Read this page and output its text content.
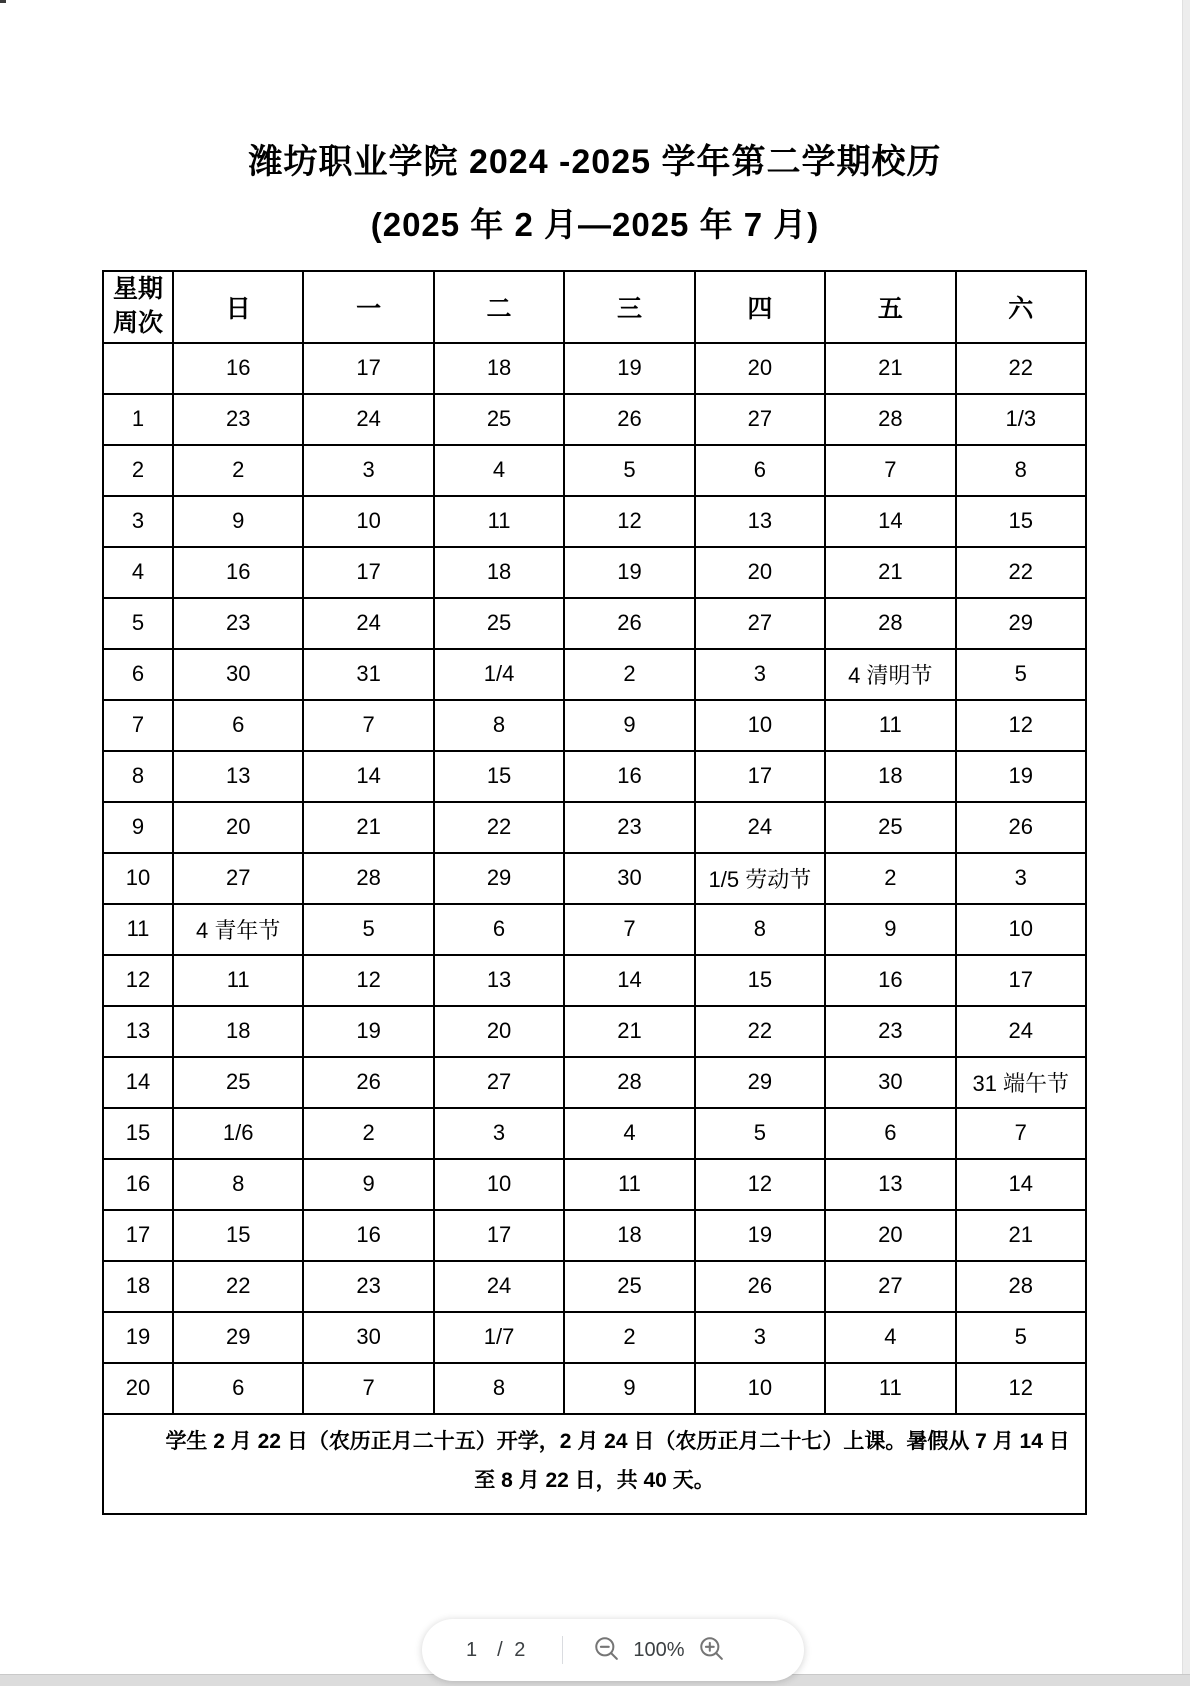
潍坊职业学院 2024 -2025 学年第二学期校历
(2025 年 2 月—2025 年 7 月)
星期
周次	日	一	二	三	四	五	六
	16	17	18	19	20	21	22
1	23	24	25	26	27	28	1/3
2	2	3	4	5	6	7	8
3	9	10	11	12	13	14	15
4	16	17	18	19	20	21	22
5	23	24	25	26	27	28	29
6	30	31	1/4	2	3	4 清明节	5
7	6	7	8	9	10	11	12
8	13	14	15	16	17	18	19
9	20	21	22	23	24	25	26
10	27	28	29	30	1/5 劳动节	2	3
11	4 青年节	5	6	7	8	9	10
12	11	12	13	14	15	16	17
13	18	19	20	21	22	23	24
14	25	26	27	28	29	30	31 端午节
15	1/6	2	3	4	5	6	7
16	8	9	10	11	12	13	14
17	15	16	17	18	19	20	21
18	22	23	24	25	26	27	28
19	29	30	1/7	2	3	4	5
20	6	7	8	9	10	11	12

学生 2 月 22 日（农历正月二十五）开学，2 月 24 日（农历正月二十七）上课。暑假从 7 月 14 日至 8 月 22 日，共 40 天。							

1 / 2	100%
